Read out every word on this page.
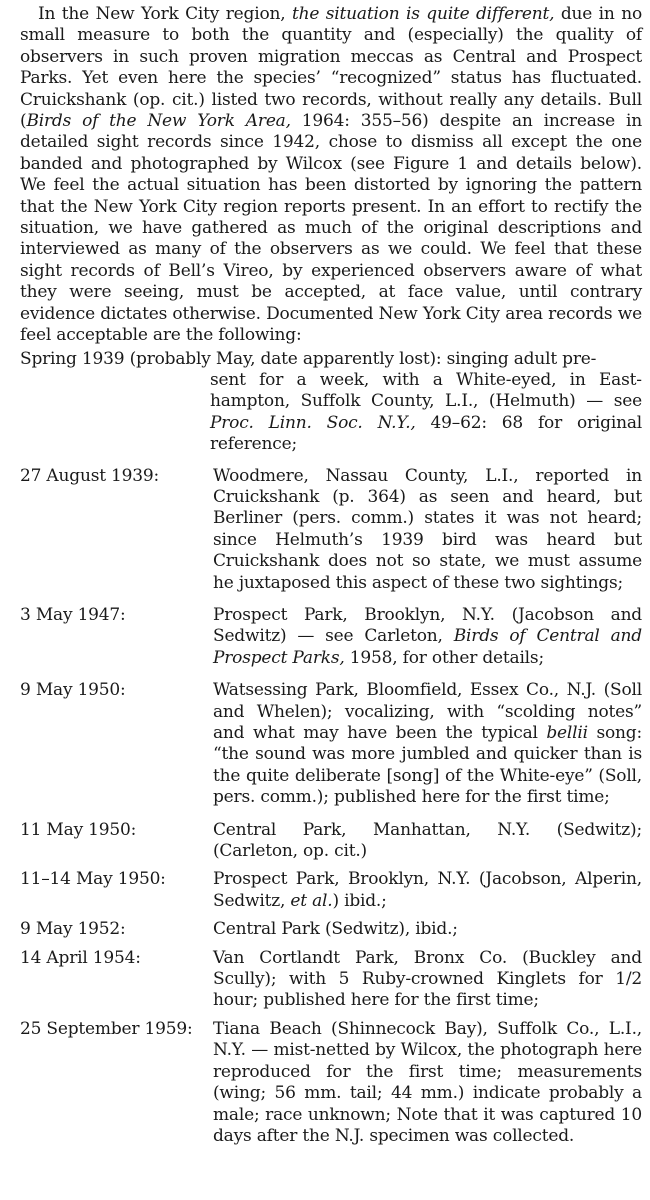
In the New York City region, the situation is quite different, due in no small measure to both the quantity and (especially) the quality of observers in such proven migration meccas as Central and Prospect Parks. Yet even here the species’ “recognized” status has fluctuated. Cruickshank (op. cit.) listed two records, without really any details. Bull (Birds of the New York Area, 1964: 355–56) despite an increase in detailed sight records since 1942, chose to dismiss all except the one banded and photographed by Wilcox (see Figure 1 and details below). We feel the actual situation has been distorted by ignoring the pattern that the New York City region reports present. In an effort to rectify the situation, we have gathered as much of the original descriptions and interviewed as many of the observers as we could. We feel that these sight records of Bell’s Vireo, by experienced observers aware of what they were seeing, must be accepted, at face value, until contrary evidence dictates otherwise. Documented New York City area records we feel acceptable are the following:

Spring 1939 (probably May, date apparently lost): singing adult pre-
sent for a week, with a White-eyed, in Easthampton, Suffolk County, L.I., (Helmuth) — see Proc. Linn. Soc. N.Y., 49–62: 68 for original reference;
27 August 1939:	Woodmere, Nassau County, L.I., reported in Cruickshank (p. 364) as seen and heard, but Berliner (pers. comm.) states it was not heard; since Helmuth’s 1939 bird was heard but Cruickshank does not so state, we must assume he juxtaposed this aspect of these two sightings;
3 May 1947:	Prospect Park, Brooklyn, N.Y. (Jacobson and Sedwitz) — see Carleton, Birds of Central and Prospect Parks, 1958, for other details;
9 May 1950:	Watsessing Park, Bloomfield, Essex Co., N.J. (Soll and Whelen); vocalizing, with “scolding notes” and what may have been the typical bellii song: “the sound was more jumbled and quicker than is the quite deliberate [song] of the White-eye” (Soll, pers. comm.); published here for the first time;
11 May 1950:	Central Park, Manhattan, N.Y. (Sedwitz); (Carleton, op. cit.)
11–14 May 1950:	Prospect Park, Brooklyn, N.Y. (Jacobson, Alperin, Sedwitz, et al.) ibid.;
9 May 1952:	Central Park (Sedwitz), ibid.;
14 April 1954:	Van Cortlandt Park, Bronx Co. (Buckley and Scully); with 5 Ruby-crowned Kinglets for 1/2 hour; published here for the first time;
25 September 1959:	Tiana Beach (Shinnecock Bay), Suffolk Co., L.I., N.Y. — mist-netted by Wilcox, the photograph here reproduced for the first time; measurements (wing; 56 mm. tail; 44 mm.) indicate probably a male; race unknown; Note that it was captured 10 days after the N.J. specimen was collected.
